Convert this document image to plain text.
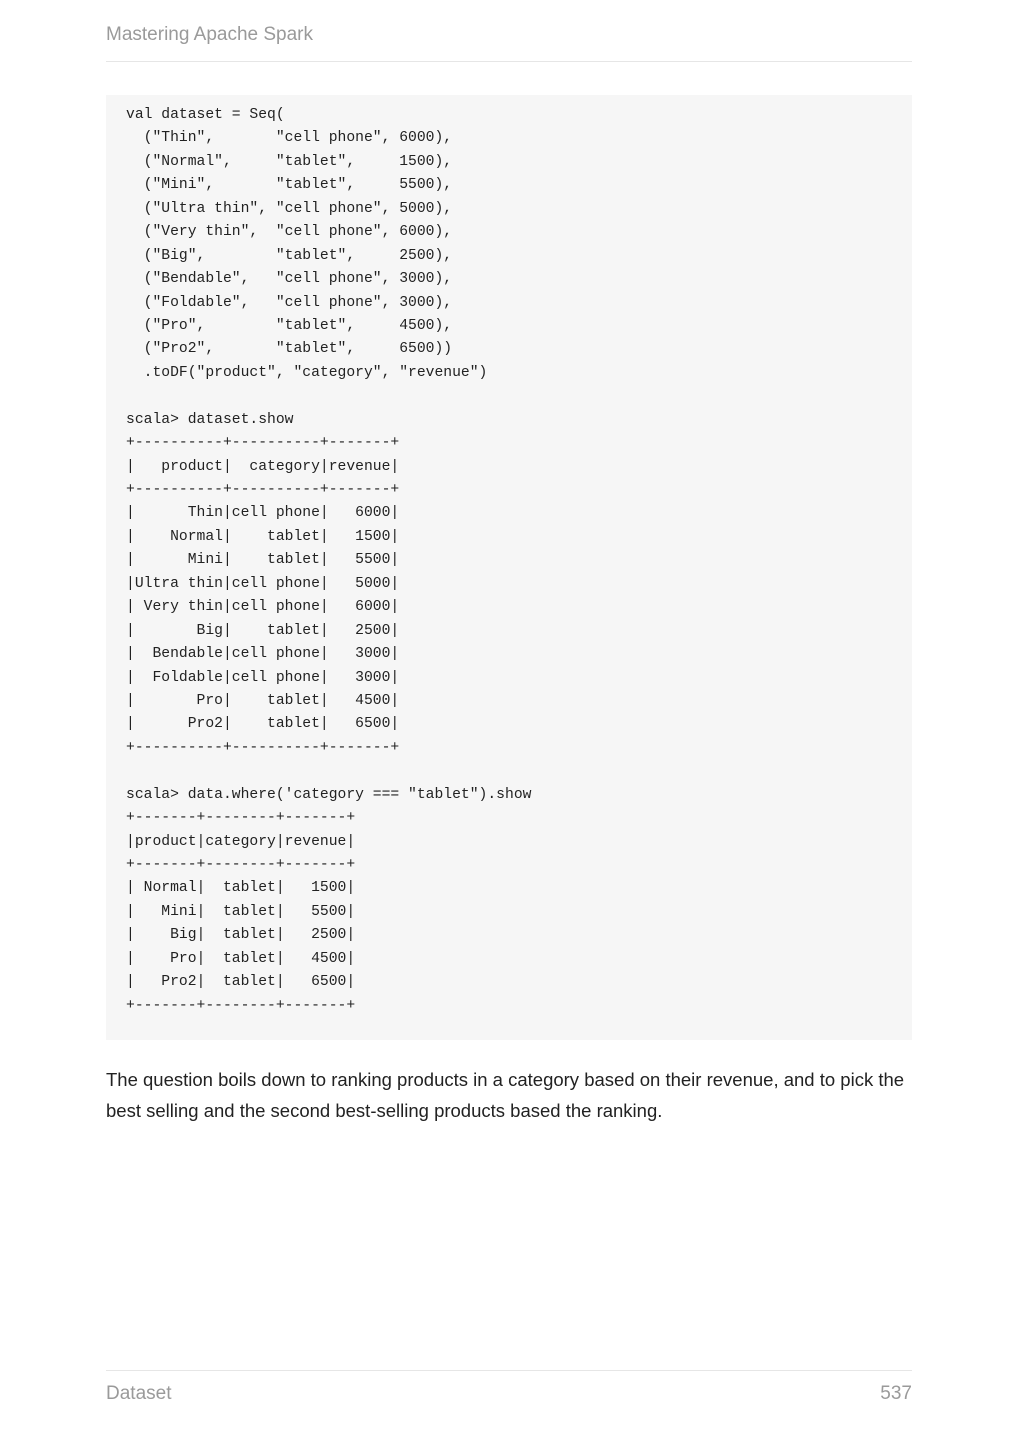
Mastering Apache Spark
val dataset = Seq(
("Thin",       "cell phone", 6000),
("Normal",     "tablet",     1500),
("Mini",       "tablet",     5500),
("Ultra thin", "cell phone", 5000),
("Very thin",  "cell phone", 6000),
("Big",        "tablet",     2500),
("Bendable",   "cell phone", 3000),
("Foldable",   "cell phone", 3000),
("Pro",        "tablet",     4500),
("Pro2",       "tablet",     6500))
.toDF("product", "category", "revenue")
scala> dataset.show
+----------+----------+-------+
|   product|  category|revenue|
+----------+----------+-------+
|      Thin|cell phone|   6000|
|    Normal|    tablet|   1500|
|      Mini|    tablet|   5500|
|Ultra thin|cell phone|   5000|
| Very thin|cell phone|   6000|
|       Big|    tablet|   2500|
|  Bendable|cell phone|   3000|
|  Foldable|cell phone|   3000|
|       Pro|    tablet|   4500|
|      Pro2|    tablet|   6500|
+----------+----------+-------+
scala> data.where('category === "tablet").show
+-------+--------+-------+
|product|category|revenue|
+-------+--------+-------+
| Normal|  tablet|   1500|
|   Mini|  tablet|   5500|
|    Big|  tablet|   2500|
|    Pro|  tablet|   4500|
|   Pro2|  tablet|   6500|
+-------+--------+-------+
The question boils down to ranking products in a category based on their revenue, and to pick the best selling and the second best-selling products based the ranking.
Dataset	537
